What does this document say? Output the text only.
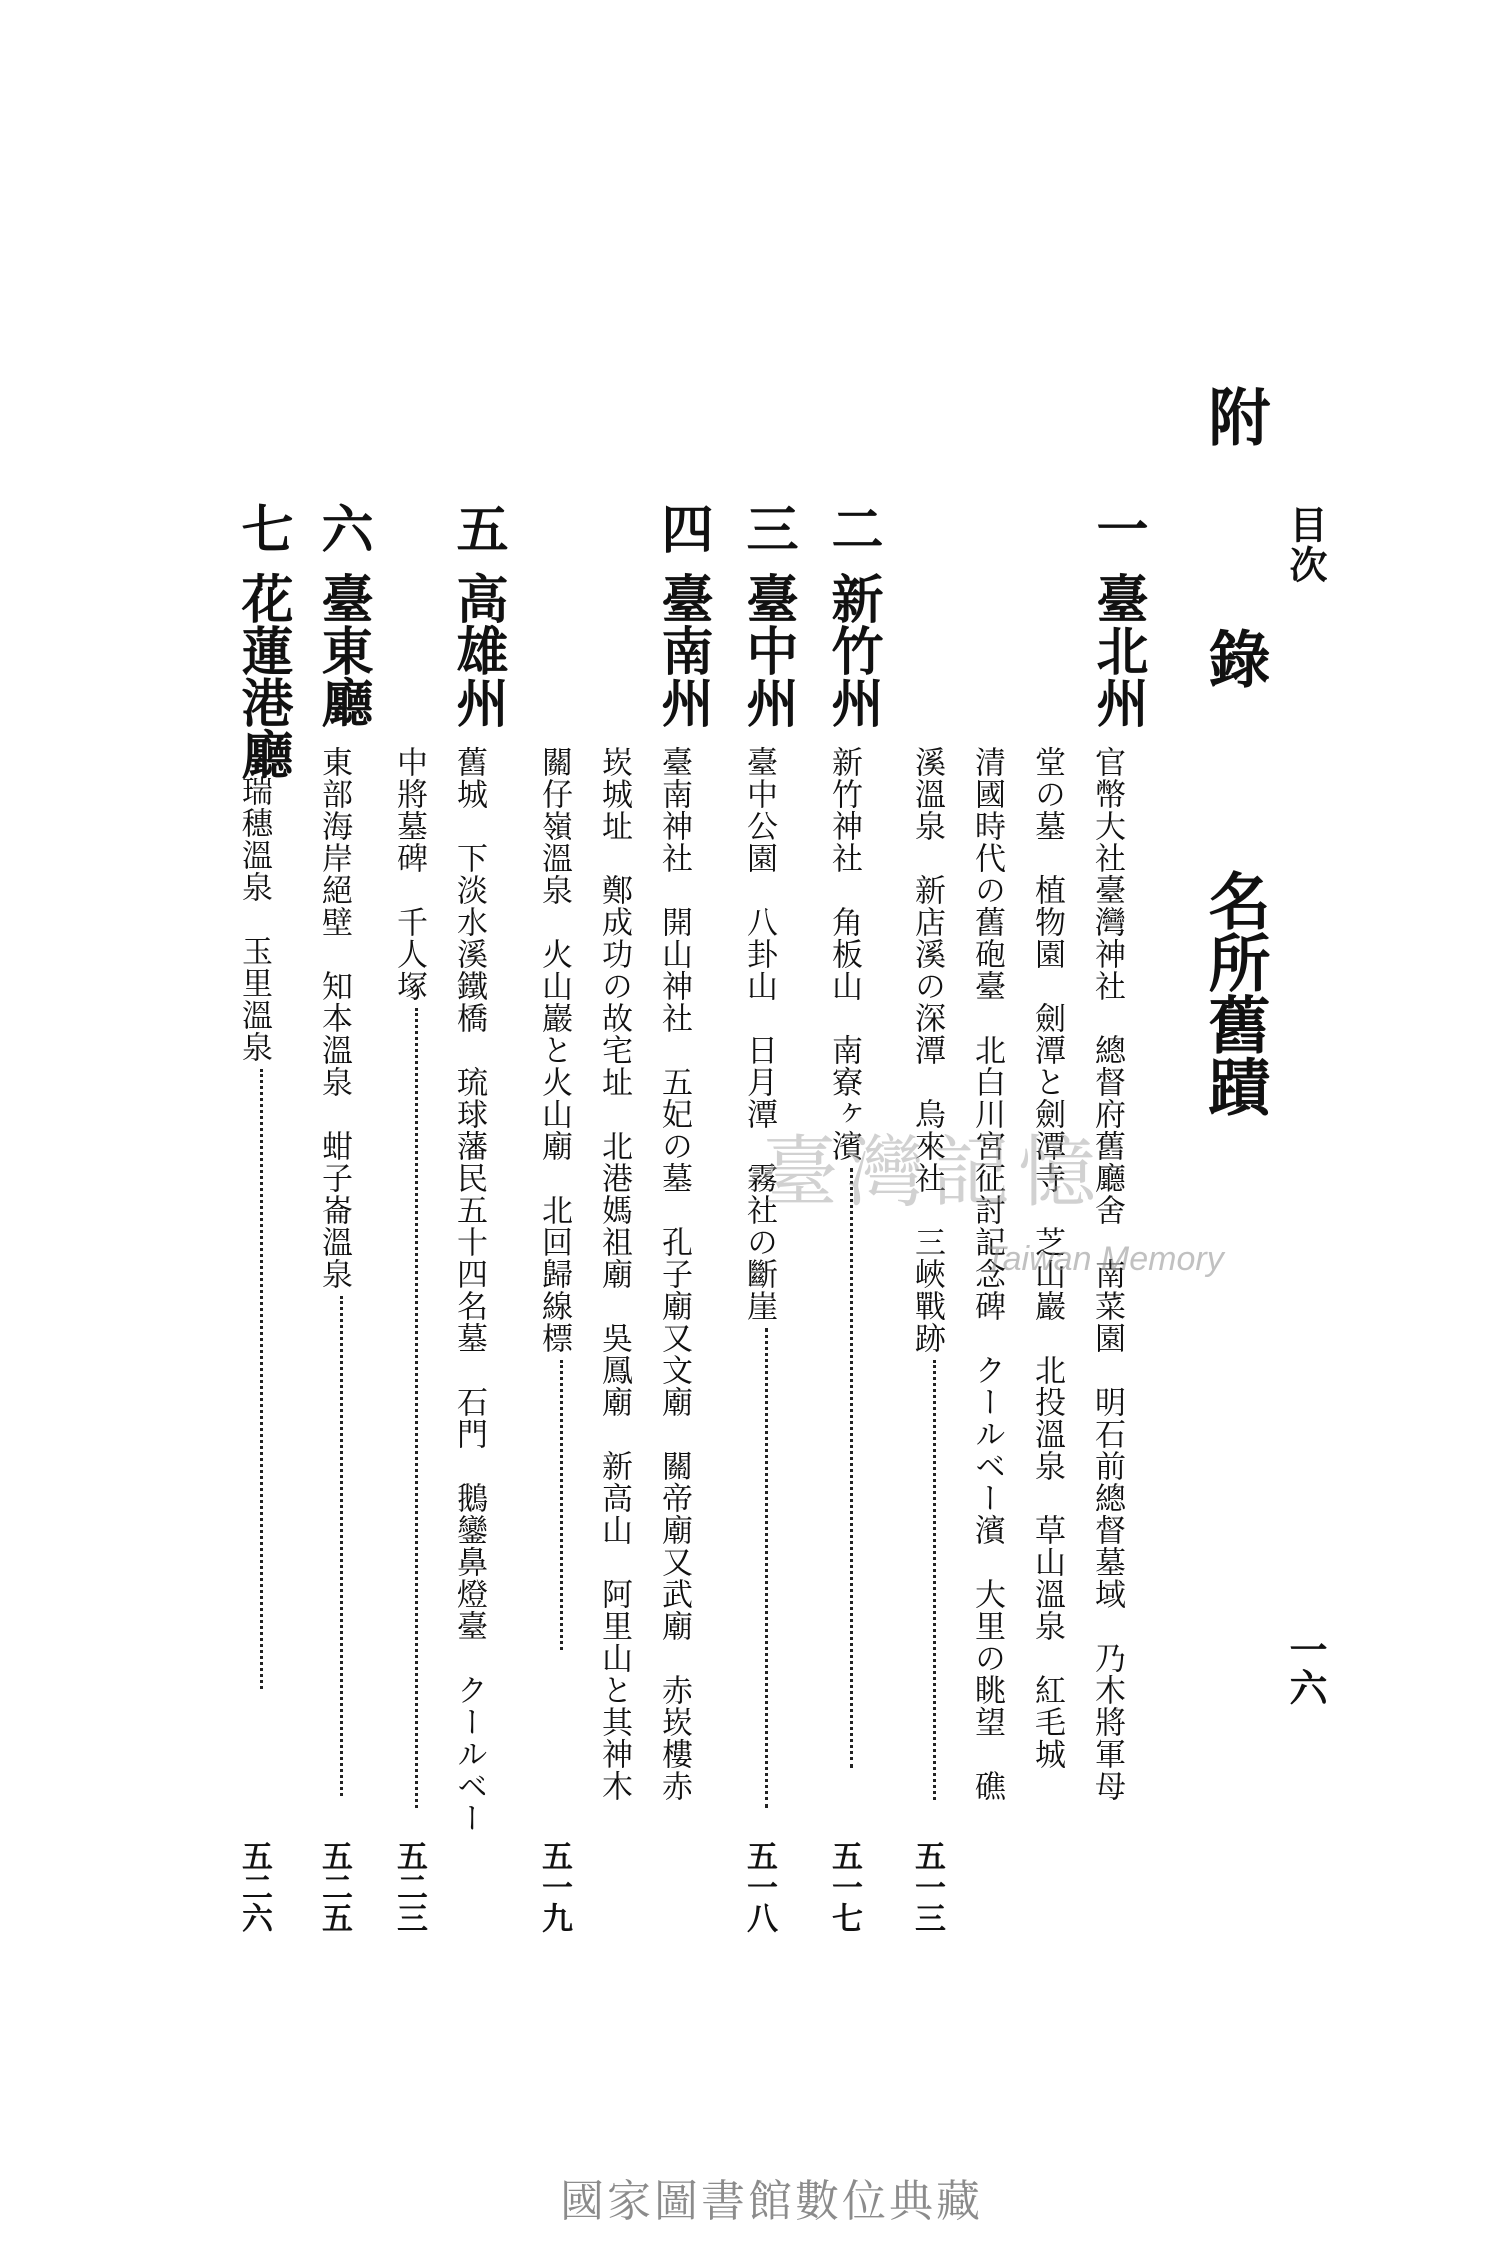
目次

一六

附錄名所舊蹟

一

臺北州

官幣大社臺灣神社　總督府舊廳舍　南菜園　明石前總督墓域　乃木將軍母

堂の墓　植物園　劍潭と劍潭寺　芝山巖　北投溫泉　草山溫泉　紅毛城

清國時代の舊砲臺　北白川宮征討記念碑　クールベー濱　大里の眺望　礁

溪溫泉　新店溪の深潭　烏來社　三峽戰跡

五一三

二

新竹州

新竹神社　角板山　南寮ヶ濱

五一七

三

臺中州

臺中公園　八卦山　日月潭　霧社の斷崖

五一八

四

臺南州

臺南神社　開山神社　五妃の墓　孔子廟又文廟　關帝廟又武廟　赤崁樓赤

崁城址　鄭成功の故宅址　北港媽祖廟　吳鳳廟　新高山　阿里山と其神木

關仔嶺溫泉　火山巖と火山廟　北回歸線標

五一九

五

高雄州

舊城　下淡水溪鐵橋　琉球藩民五十四名墓　石門　鵝鑾鼻燈臺　クールベー

中將墓碑　千人塚

五二三

六

臺東廳

東部海岸絕壁　知本溫泉　蚶子崙溫泉

五二五

七

花蓮港廳

瑞穗溫泉　玉里溫泉

五二六

臺灣記憶
Taiwan Memory
國家圖書館數位典藏
